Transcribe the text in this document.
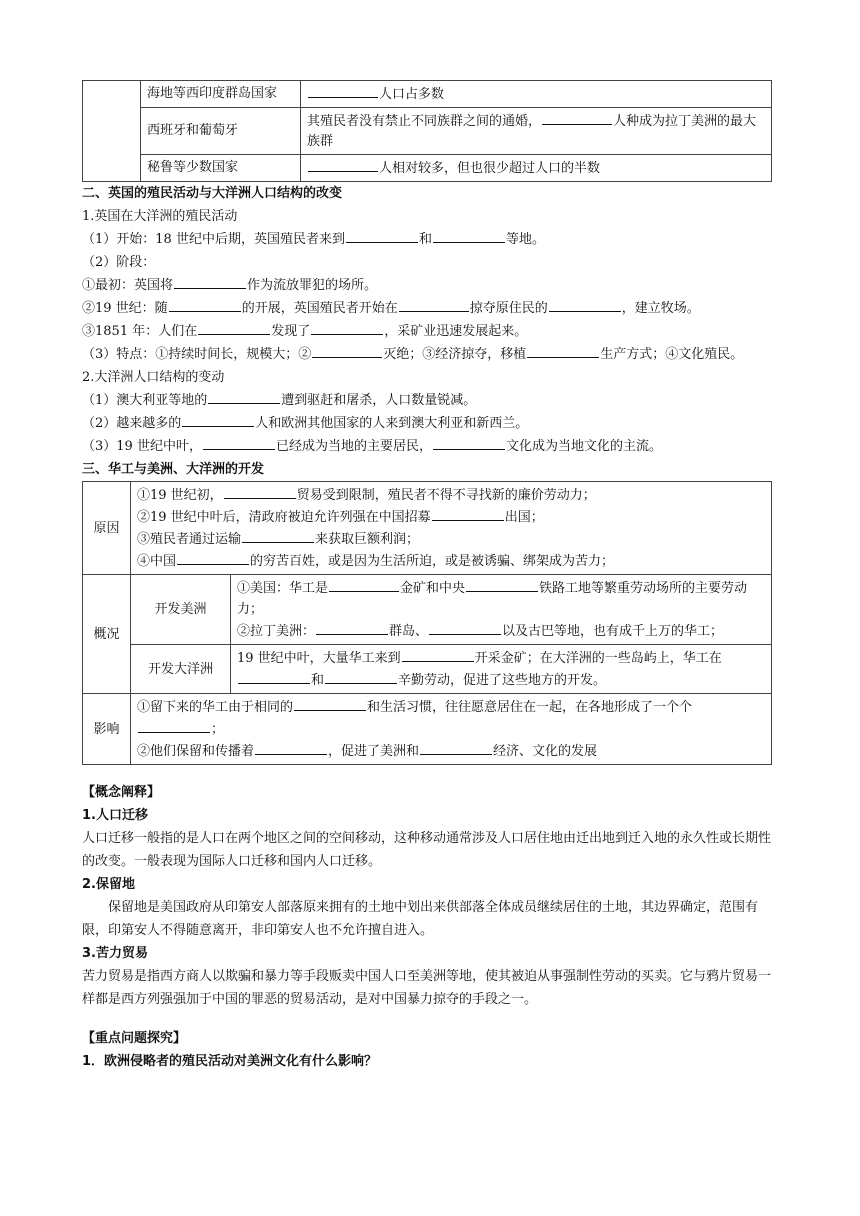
	海地等西印度群岛国家	人口占多数
	西班牙和葡萄牙	其殖民者没有禁止不同族群之间的通婚， 人种成为拉丁美洲的最大族群
	秘鲁等少数国家	人相对较多，但也很少超过人口的半数

二、英国的殖民活动与大洋洲人口结构的改变

1.英国在大洋洲的殖民活动

（1）开始：18 世纪中后期，英国殖民者来到	和	等地。

（2）阶段：

①最初：英国将	作为流放罪犯的场所。

②19 世纪：随	的开展，英国殖民者开始在	掠夺原住民的	，建立牧场。

③1851 年：人们在	发现了	，采矿业迅速发展起来。

（3）特点：①持续时间长，规模大；②	灭绝；③经济掠夺，移植	生产方式；④文化殖民。

2.大洋洲人口结构的变动

（1）澳大利亚等地的	遭到驱赶和屠杀，人口数量锐减。

（2）越来越多的	人和欧洲其他国家的人来到澳大利亚和新西兰。

（3）19 世纪中叶，	已经成为当地的主要居民，	文化成为当地文化的主流。

三、华工与美洲、大洋洲的开发

原因	①19 世纪初， 贸易受到限制，殖民者不得不寻找新的廉价劳动力；
②19 世纪中叶后，清政府被迫允许列强在中国招募 出国；
③殖民者通过运输 来获取巨额利润；
④中国 的穷苦百姓，或是因为生活所迫，或是被诱骗、绑架成为苦力；	

概况	开发美洲	①美国：华工是 金矿和中央 铁路工地等繁重劳动场所的主要劳动力；
②拉丁美洲： 群岛、 以及古巴等地，也有成千上万的华工；

	开发大洋洲	19 世纪中叶，大量华工来到 开采金矿；在大洋洲的一些岛屿上，华工在和 辛勤劳动，促进了这些地方的开发。

影响	①留下来的华工由于相同的 和生活习惯，往往愿意居住在一起，在各地形成了一个个；
②他们保留和传播着 ，促进了美洲和 经济、文化的发展	

【概念阐释】

1.人口迁移

人口迁移一般指的是人口在两个地区之间的空间移动，这种移动通常涉及人口居住地由迁出地到迁入地的永久性或长期性的改变。一般表现为国际人口迁移和国内人口迁移。

2.保留地

保留地是美国政府从印第安人部落原来拥有的土地中划出来供部落全体成员继续居住的土地，其边界确定，范围有限，印第安人不得随意离开，非印第安人也不允许擅自进入。

3.苦力贸易

苦力贸易是指西方商人以欺骗和暴力等手段贩卖中国人口至美洲等地，使其被迫从事强制性劳动的买卖。它与鸦片贸易一样都是西方列强强加于中国的罪恶的贸易活动，是对中国暴力掠夺的手段之一。

【重点问题探究】

1．欧洲侵略者的殖民活动对美洲文化有什么影响？
